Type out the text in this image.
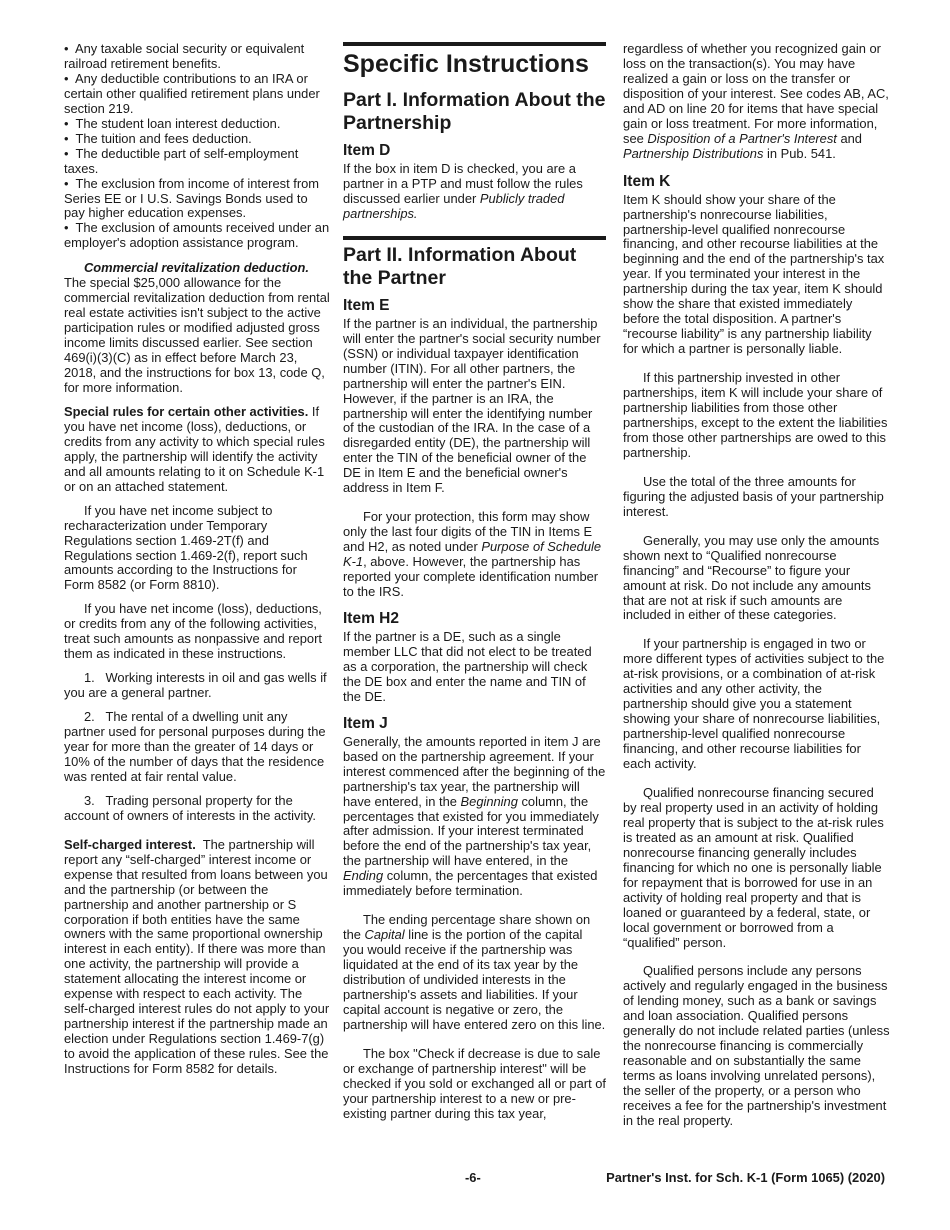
•  Any taxable social security or equivalent railroad retirement benefits.

•  Any deductible contributions to an IRA or certain other qualified retirement plans under section 219.

•  The student loan interest deduction.

•  The tuition and fees deduction.

•  The deductible part of self-employment taxes.

•  The exclusion from income of interest from Series EE or I U.S. Savings Bonds used to pay higher education expenses.

•  The exclusion of amounts received under an employer's adoption assistance program.

Commercial revitalization deduction. The special $25,000 allowance for the commercial revitalization deduction from rental real estate activities isn't subject to the active participation rules or modified adjusted gross income limits discussed earlier. See section 469(i)(3)(C) as in effect before March 23, 2018, and the instructions for box 13, code Q, for more information.

Special rules for certain other activities. If you have net income (loss), deductions, or credits from any activity to which special rules apply, the partnership will identify the activity and all amounts relating to it on Schedule K-1 or on an attached statement.

If you have net income subject to recharacterization under Temporary Regulations section 1.469-2T(f) and Regulations section 1.469-2(f), report such amounts according to the Instructions for Form 8582 (or Form 8810).

If you have net income (loss), deductions, or credits from any of the following activities, treat such amounts as nonpassive and report them as indicated in these instructions.

1.   Working interests in oil and gas wells if you are a general partner.

2.   The rental of a dwelling unit any partner used for personal purposes during the year for more than the greater of 14 days or 10% of the number of days that the residence was rented at fair rental value.

3.   Trading personal property for the account of owners of interests in the activity.

Self-charged interest. The partnership will report any “self-charged” interest income or expense that resulted from loans between you and the partnership (or between the partnership and another partnership or S corporation if both entities have the same owners with the same proportional ownership interest in each entity). If there was more than one activity, the partnership will provide a statement allocating the interest income or expense with respect to each activity. The self-charged interest rules do not apply to your partnership interest if the partnership made an election under Regulations section 1.469-7(g) to avoid the application of these rules. See the Instructions for Form 8582 for details.

Specific Instructions
Part I. Information About the Partnership
Item D

If the box in item D is checked, you are a partner in a PTP and must follow the rules discussed earlier under Publicly traded partnerships.

Part II. Information About the Partner
Item E

If the partner is an individual, the partnership will enter the partner's social security number (SSN) or individual taxpayer identification number (ITIN). For all other partners, the partnership will enter the partner's EIN. However, if the partner is an IRA, the partnership will enter the identifying number of the custodian of the IRA. In the case of a disregarded entity (DE), the partnership will enter the TIN of the beneficial owner of the DE in Item E and the beneficial owner's address in Item F.

For your protection, this form may show only the last four digits of the TIN in Items E and H2, as noted under Purpose of Schedule K-1, above. However, the partnership has reported your complete identification number to the IRS.

Item H2

If the partner is a DE, such as a single member LLC that did not elect to be treated as a corporation, the partnership will check the DE box and enter the name and TIN of the DE.

Item J

Generally, the amounts reported in item J are based on the partnership agreement. If your interest commenced after the beginning of the partnership's tax year, the partnership will have entered, in the Beginning column, the percentages that existed for you immediately after admission. If your interest terminated before the end of the partnership's tax year, the partnership will have entered, in the Ending column, the percentages that existed immediately before termination.

The ending percentage share shown on the Capital line is the portion of the capital you would receive if the partnership was liquidated at the end of its tax year by the distribution of undivided interests in the partnership's assets and liabilities. If your capital account is negative or zero, the partnership will have entered zero on this line.

The box "Check if decrease is due to sale or exchange of partnership interest" will be checked if you sold or exchanged all or part of your partnership interest to a new or pre-existing partner during this tax year,

regardless of whether you recognized gain or loss on the transaction(s). You may have realized a gain or loss on the transfer or disposition of your interest. See codes AB, AC, and AD on line 20 for items that have special gain or loss treatment. For more information, see Disposition of a Partner's Interest and Partnership Distributions in Pub. 541.

Item K

Item K should show your share of the partnership's nonrecourse liabilities, partnership-level qualified nonrecourse financing, and other recourse liabilities at the beginning and the end of the partnership's tax year. If you terminated your interest in the partnership during the tax year, item K should show the share that existed immediately before the total disposition. A partner's “recourse liability” is any partnership liability for which a partner is personally liable.

If this partnership invested in other partnerships, item K will include your share of partnership liabilities from those other partnerships, except to the extent the liabilities from those other partnerships are owed to this partnership.

Use the total of the three amounts for figuring the adjusted basis of your partnership interest.

Generally, you may use only the amounts shown next to “Qualified nonrecourse financing” and “Recourse” to figure your amount at risk. Do not include any amounts that are not at risk if such amounts are included in either of these categories.

If your partnership is engaged in two or more different types of activities subject to the at-risk provisions, or a combination of at-risk activities and any other activity, the partnership should give you a statement showing your share of nonrecourse liabilities, partnership-level qualified nonrecourse financing, and other recourse liabilities for each activity.

Qualified nonrecourse financing secured by real property used in an activity of holding real property that is subject to the at-risk rules is treated as an amount at risk. Qualified nonrecourse financing generally includes financing for which no one is personally liable for repayment that is borrowed for use in an activity of holding real property and that is loaned or guaranteed by a federal, state, or local government or borrowed from a “qualified” person.

Qualified persons include any persons actively and regularly engaged in the business of lending money, such as a bank or savings and loan association. Qualified persons generally do not include related parties (unless the nonrecourse financing is commercially reasonable and on substantially the same terms as loans involving unrelated persons), the seller of the property, or a person who receives a fee for the partnership's investment in the real property.

-6-	Partner's Inst. for Sch. K-1 (Form 1065) (2020)
